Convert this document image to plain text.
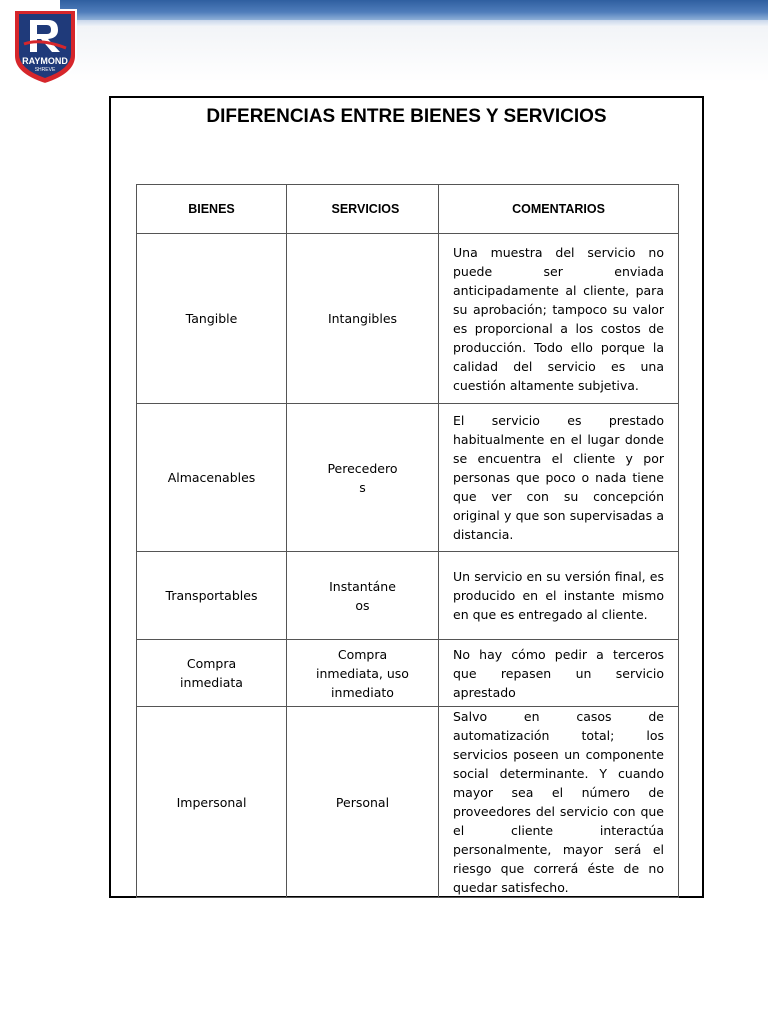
RAYMOND
SHREVE
DIFERENCIAS ENTRE BIENES Y SERVICIOS
BIENES	SERVICIOS	COMENTARIOS
Tangible	Intangibles	Una muestra del servicio no puede ser enviada anticipadamente al cliente, para su aprobación; tampoco su valor es proporcional a los costos de producción. Todo ello porque la calidad del servicio es una cuestión altamente subjetiva.
Almacenables	Perecederos	El servicio es prestado habitualmente en el lugar donde se encuentra el cliente y por personas que poco o nada tiene que ver con su concepción original y que son supervisadas a distancia.
Transportables	Instantáneos	Un servicio en su versión final, es producido en el instante mismo en que es entregado al cliente.

Compra inmediata	Compra inmediata, uso inmediato	No hay cómo pedir a terceros que repasen un servicio aprestado
Impersonal	Personal	Salvo en casos de automatización total; los servicios poseen un componente social determinante. Y cuando mayor sea el número de proveedores del servicio con que el cliente interactúa personalmente, mayor será el riesgo que correrá éste de no quedar satisfecho.
